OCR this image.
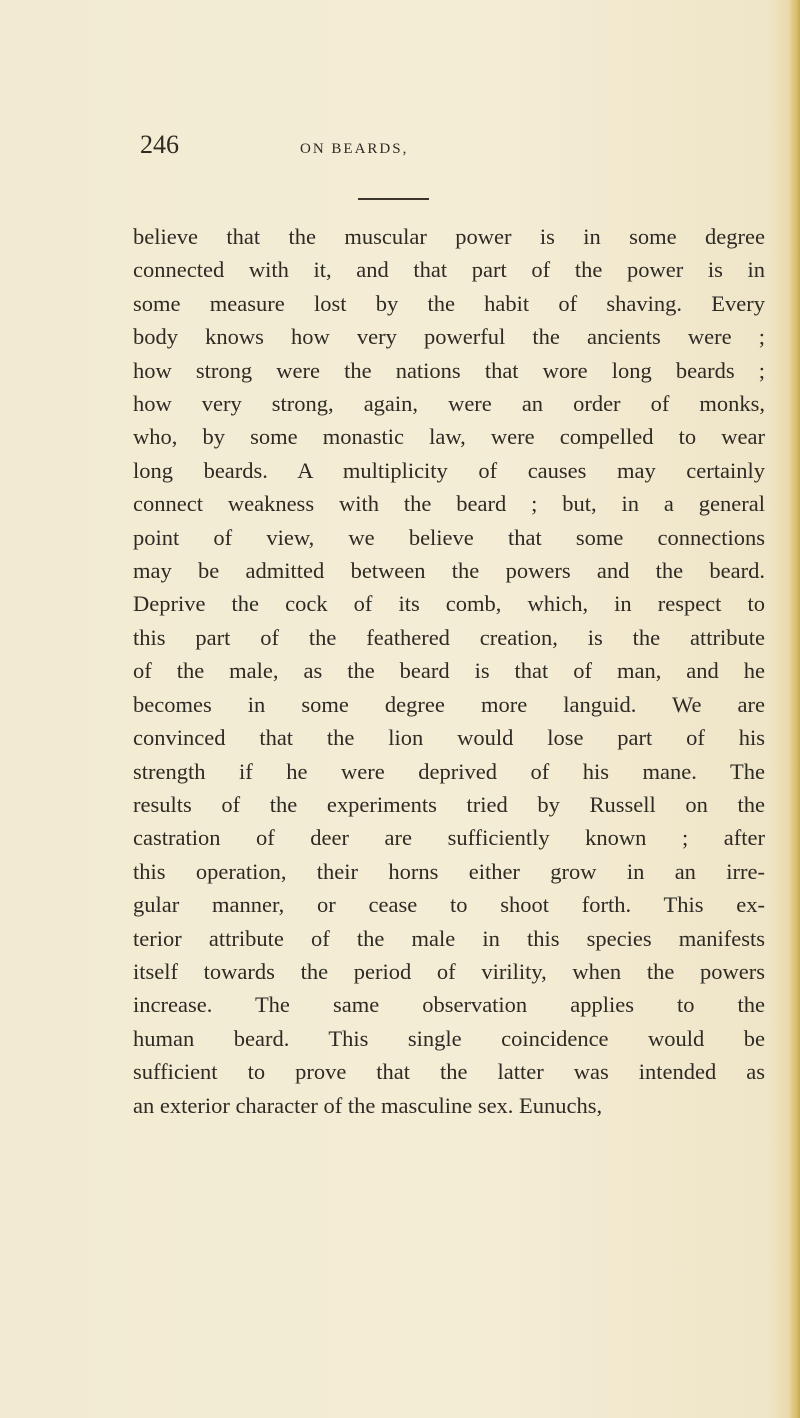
246	ON BEARDS,
believe that the muscular power is in some degree
connected with it, and that part of the power is in
some measure lost by the habit of shaving. Every
body knows how very powerful the ancients were ;
how strong were the nations that wore long beards ;
how very strong, again, were an order of monks,
who, by some monastic law, were compelled to wear
long beards. A multiplicity of causes may certainly
connect weakness with the beard ; but, in a general
point of view, we believe that some connections
may be admitted between the powers and the beard.
Deprive the cock of its comb, which, in respect to
this part of the feathered creation, is the attribute
of the male, as the beard is that of man, and he
becomes in some degree more languid. We are
convinced that the lion would lose part of his
strength if he were deprived of his mane. The
results of the experiments tried by Russell on the
castration of deer are sufficiently known ; after
this operation, their horns either grow in an irre-
gular manner, or cease to shoot forth. This ex-
terior attribute of the male in this species manifests
itself towards the period of virility, when the powers
increase. The same observation applies to the
human beard. This single coincidence would be
sufficient to prove that the latter was intended as
an exterior character of the masculine sex. Eunuchs,
